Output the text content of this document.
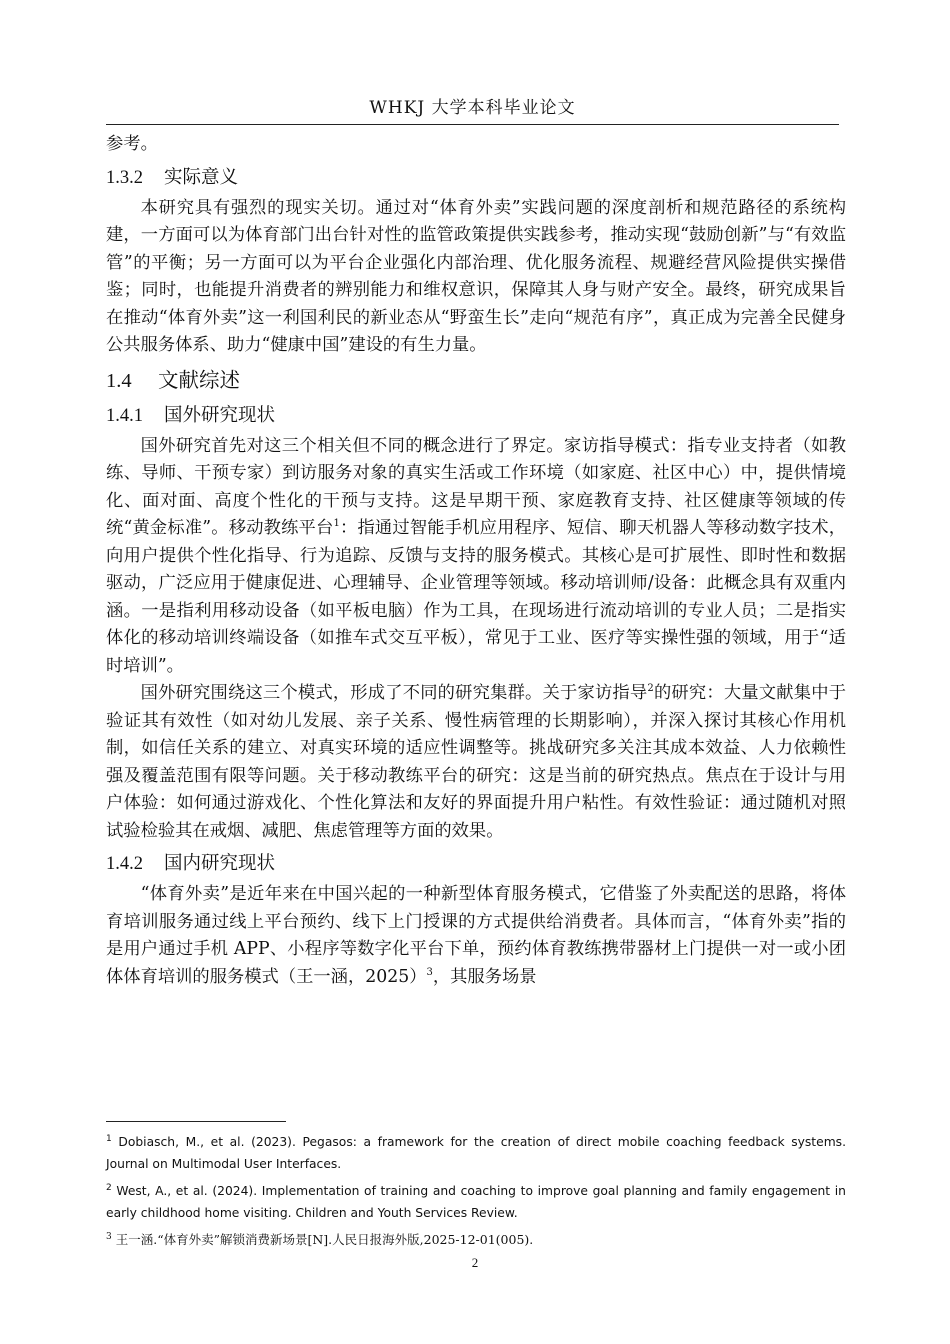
WHKJ 大学本科毕业论文

参考。

1.3.2 实际意义

本研究具有强烈的现实关切。通过对“体育外卖”实践问题的深度剖析和规范路径的系统构建，一方面可以为体育部门出台针对性的监管政策提供实践参考，推动实现“鼓励创新”与“有效监管”的平衡；另一方面可以为平台企业强化内部治理、优化服务流程、规避经营风险提供实操借鉴；同时，也能提升消费者的辨别能力和维权意识，保障其人身与财产安全。最终，研究成果旨在推动“体育外卖”这一利国利民的新业态从“野蛮生长”走向“规范有序”，真正成为完善全民健身公共服务体系、助力“健康中国”建设的有生力量。

1.4 文献综述
1.4.1 国外研究现状

国外研究首先对这三个相关但不同的概念进行了界定。家访指导模式：指专业支持者（如教练、导师、干预专家）到访服务对象的真实生活或工作环境（如家庭、社区中心）中，提供情境化、面对面、高度个性化的干预与支持。这是早期干预、家庭教育支持、社区健康等领域的传统“黄金标准”。移动教练平台$^1$：指通过智能手机应用程序、短信、聊天机器人等移动数字技术，向用户提供个性化指导、行为追踪、反馈与支持的服务模式。其核心是可扩展性、即时性和数据驱动，广泛应用于健康促进、心理辅导、企业管理等领域。移动培训师/设备：此概念具有双重内涵。一是指利用移动设备（如平板电脑）作为工具，在现场进行流动培训的专业人员；二是指实体化的移动培训终端设备（如推车式交互平板），常见于工业、医疗等实操性强的领域，用于“适时培训”。

国外研究围绕这三个模式，形成了不同的研究集群。关于家访指导$^2$的研究：大量文献集中于验证其有效性（如对幼儿发展、亲子关系、慢性病管理的长期影响），并深入探讨其核心作用机制，如信任关系的建立、对真实环境的适应性调整等。挑战研究多关注其成本效益、人力依赖性强及覆盖范围有限等问题。关于移动教练平台的研究：这是当前的研究热点。焦点在于设计与用户体验：如何通过游戏化、个性化算法和友好的界面提升用户粘性。有效性验证：通过随机对照试验检验其在戒烟、减肥、焦虑管理等方面的效果。

1.4.2 国内研究现状

“体育外卖”是近年来在中国兴起的一种新型体育服务模式，它借鉴了外卖配送的思路，将体育培训服务通过线上平台预约、线下上门授课的方式提供给消费者。具体而言，“体育外卖”指的是用户通过手机 APP、小程序等数字化平台下单，预约体育教练携带器材上门提供一对一或小团体体育培训的服务模式（王一涵，2025）$^3$，其服务场景

$^1$ Dobiasch, M., et al. (2023). Pegasos: a framework for the creation of direct mobile coaching feedback systems. Journal on Multimodal User Interfaces.

$^2$ West, A., et al. (2024). Implementation of training and coaching to improve goal planning and family engagement in early childhood home visiting. Children and Youth Services Review.

$^3$ 王一涵.“体育外卖”解锁消费新场景[N].人民日报海外版,2025-12-01(005).

2
